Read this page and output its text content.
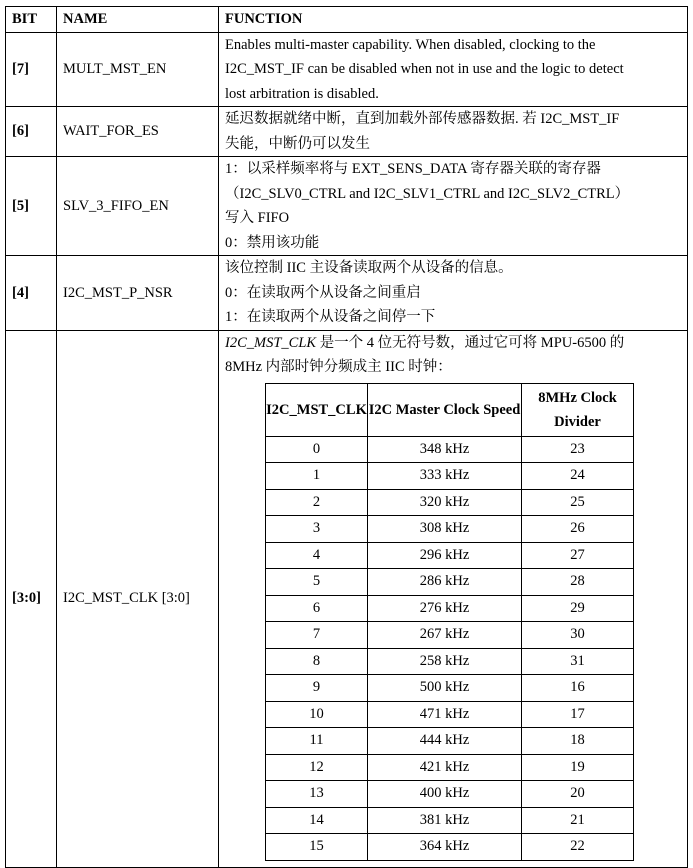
BIT	NAME	FUNCTION
[7]	MULT_MST_EN	
Enables multi-master capability. When disabled, clocking to the
I2C_MST_IF can be disabled when not in use and the logic to detect
lost arbitration is disabled.

[6]	WAIT_FOR_ES	
延迟数据就绪中断，直到加载外部传感器数据. 若 I2C_MST_IF
失能，中断仍可以发生

[5]	SLV_3_FIFO_EN	
1：以采样频率将与 EXT_SENS_DATA 寄存器关联的寄存器
（I2C_SLV0_CTRL and I2C_SLV1_CTRL and I2C_SLV2_CTRL）
写入 FIFO
0：禁用该功能

[4]	I2C_MST_P_NSR	
该位控制 IIC 主设备读取两个从设备的信息。
0：在读取两个从设备之间重启
1：在读取两个从设备之间停一下

[3:0]	I2C_MST_CLK [3:0]	
I2C_MST_CLK 是一个 4 位无符号数，通过它可将 MPU-6500 的
8MHz 内部时钟分频成主 IIC 时钟：
I2C_MST_CLK	I2C Master Clock Speed	8MHz Clock Divider
0	348 kHz	23
1	333 kHz	24
2	320 kHz	25
3	308 kHz	26
4	296 kHz	27
5	286 kHz	28
6	276 kHz	29
7	267 kHz	30
8	258 kHz	31
9	500 kHz	16
10	471 kHz	17
11	444 kHz	18
12	421 kHz	19
13	400 kHz	20
14	381 kHz	21
15	364 kHz	22
